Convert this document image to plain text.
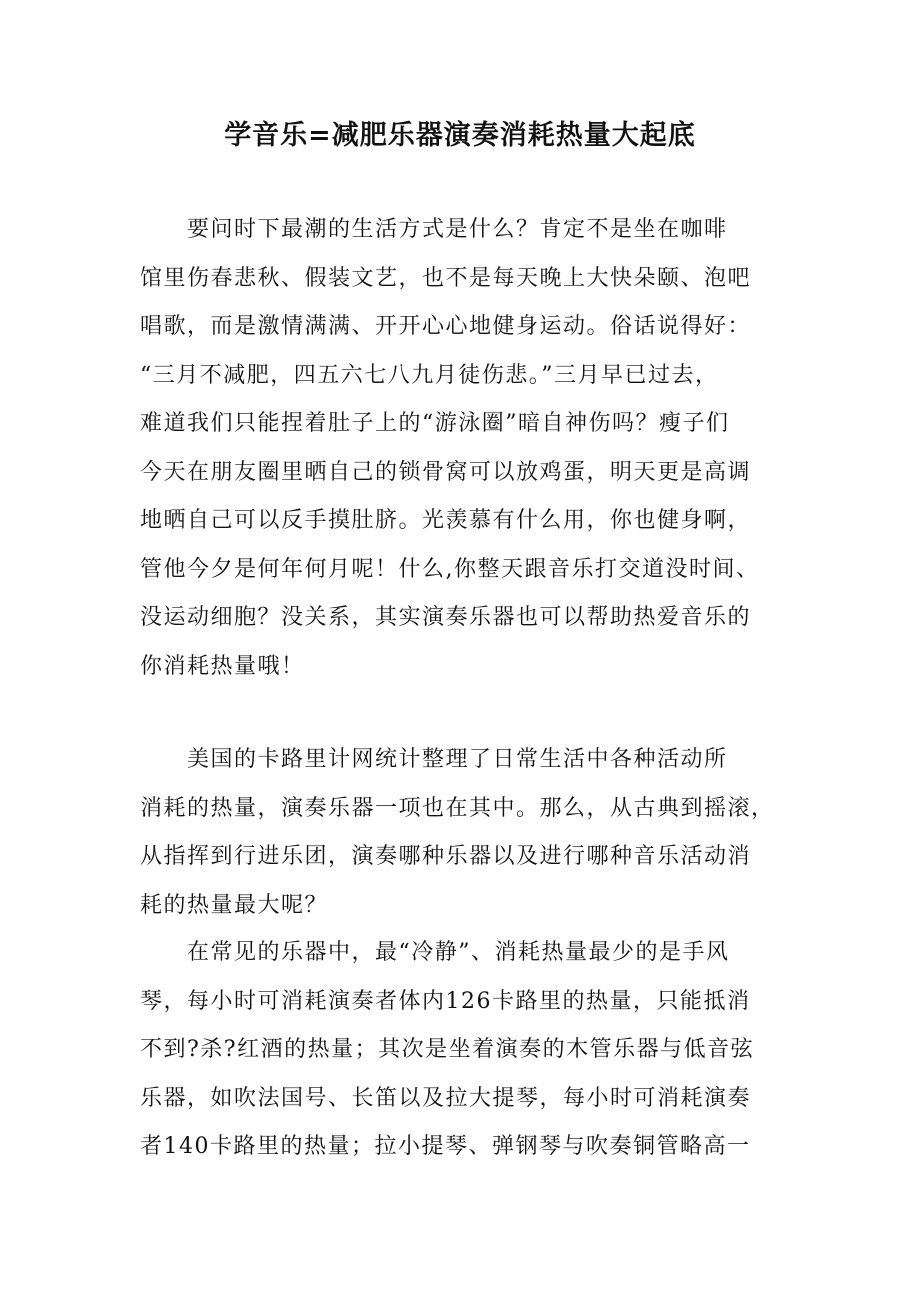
学音乐=减肥乐器演奏消耗热量大起底
　　要问时下最潮的生活方式是什么？肯定不是坐在咖啡
馆里伤春悲秋、假装文艺，也不是每天晚上大快朵颐、泡吧
唱歌，而是激情满满、开开心心地健身运动。俗话说得好：
“三月不减肥，四五六七八九月徒伤悲。”三月早已过去，
难道我们只能捏着肚子上的“游泳圈”暗自神伤吗？瘦子们
今天在朋友圈里晒自己的锁骨窝可以放鸡蛋，明天更是高调
地晒自己可以反手摸肚脐。光羡慕有什么用，你也健身啊，
管他今夕是何年何月呢！什么,你整天跟音乐打交道没时间、
没运动细胞？没关系，其实演奏乐器也可以帮助热爱音乐的
你消耗热量哦！
　　美国的卡路里计网统计整理了日常生活中各种活动所
消耗的热量，演奏乐器一项也在其中。那么，从古典到摇滚，
从指挥到行进乐团，演奏哪种乐器以及进行哪种音乐活动消
耗的热量最大呢？
　　在常见的乐器中，最“冷静”、消耗热量最少的是手风
琴，每小时可消耗演奏者体内126卡路里的热量，只能抵消
不到?杀?红酒的热量；其次是坐着演奏的木管乐器与低音弦
乐器，如吹法国号、长笛以及拉大提琴，每小时可消耗演奏
者140卡路里的热量；拉小提琴、弹钢琴与吹奏铜管略高一
